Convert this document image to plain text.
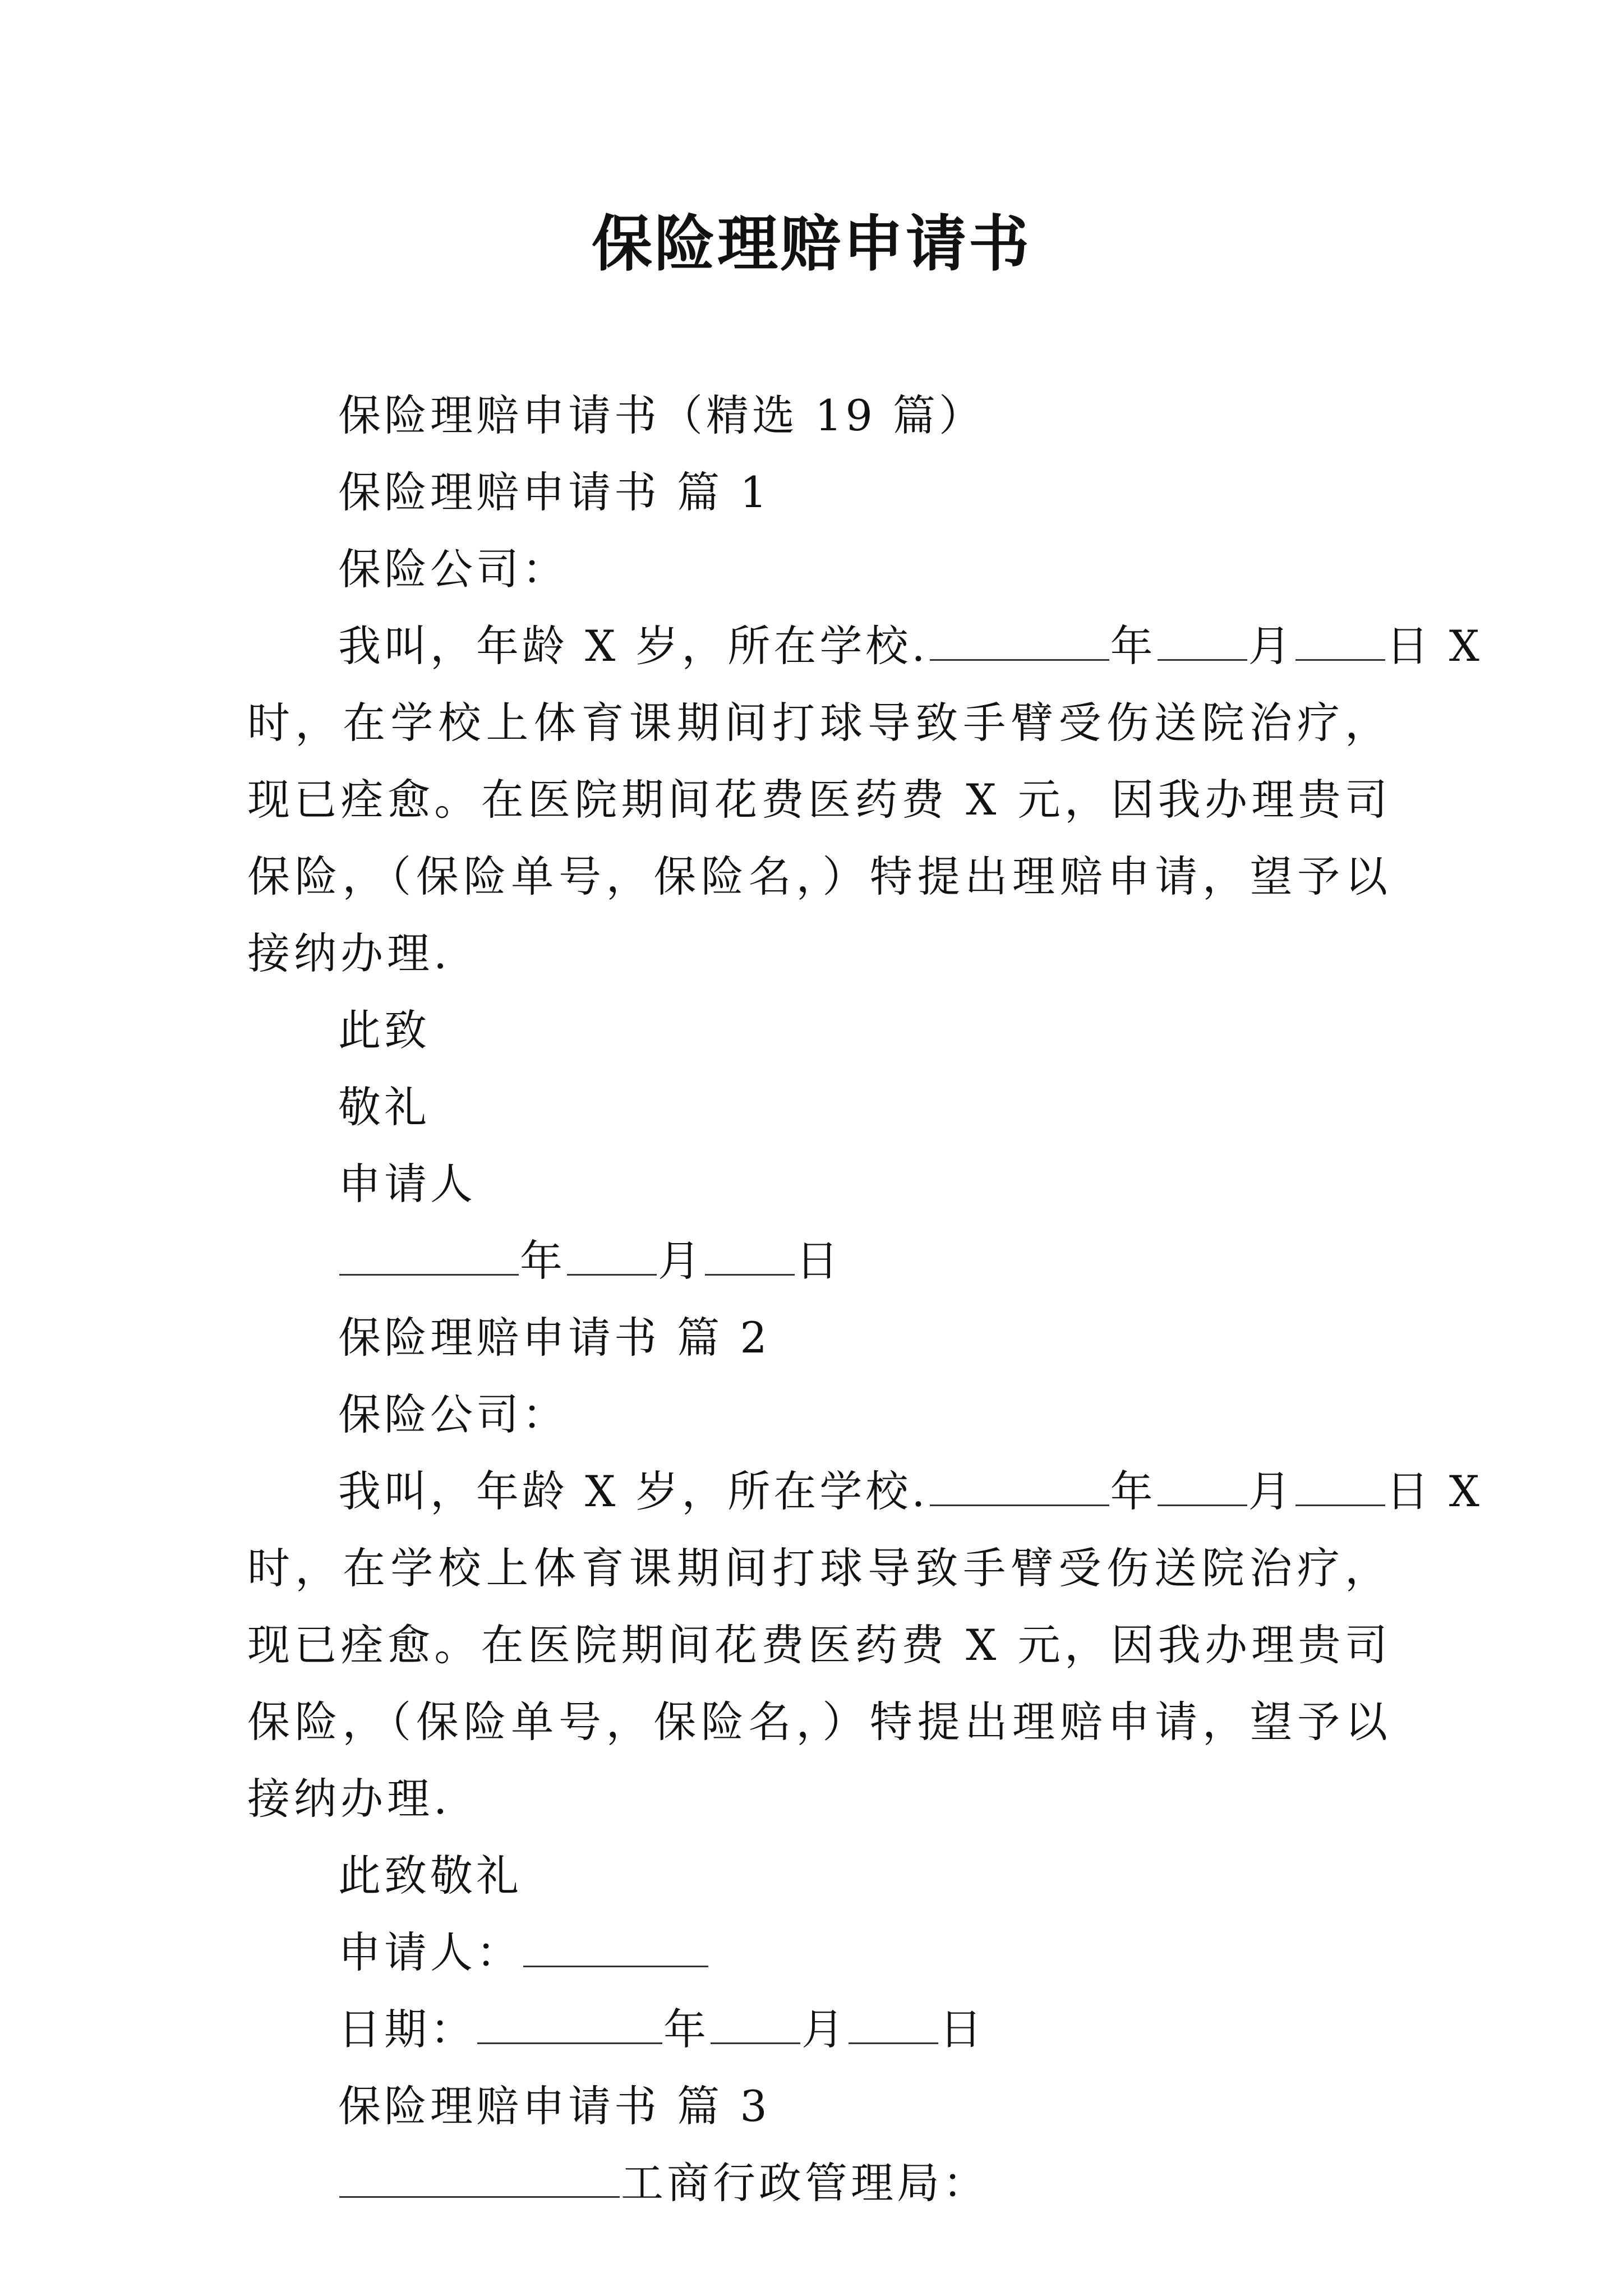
保险理赔申请书

保险理赔申请书（精选 19 篇）

保险理赔申请书 篇 1

保险公司：

我叫，年龄 X 岁，所在学校.	年 月 日 X

时，在学校上体育课期间打球导致手臂受伤送院治疗，现已痊愈。在医院期间花费医药费 X 元，因我办理贵司保险，（保险单号，保险名，）特提出理赔申请，望予以接纳办理.

此致

敬礼

申请人

年 月 日

保险理赔申请书 篇 2

保险公司：

我叫，年龄 X 岁，所在学校.	年 月 日 X

时，在学校上体育课期间打球导致手臂受伤送院治疗，现已痊愈。在医院期间花费医药费 X 元，因我办理贵司保险，（保险单号，保险名，）特提出理赔申请，望予以接纳办理.

此致敬礼

申请人：

日期：	年 月 日

保险理赔申请书 篇 3

工商行政管理局：
